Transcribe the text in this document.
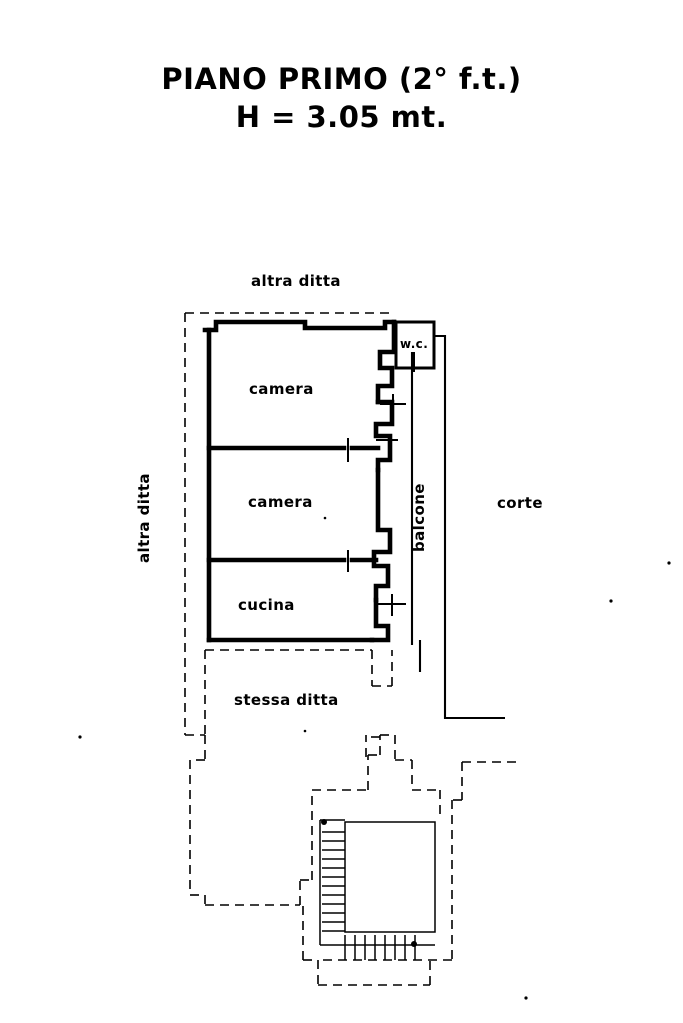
PIANO PRIMO (2° f.t.)
H = 3.05 mt.
altra ditta
altra ditta
camera
camera
cucina
w.c.
balcone	corte
stessa ditta
